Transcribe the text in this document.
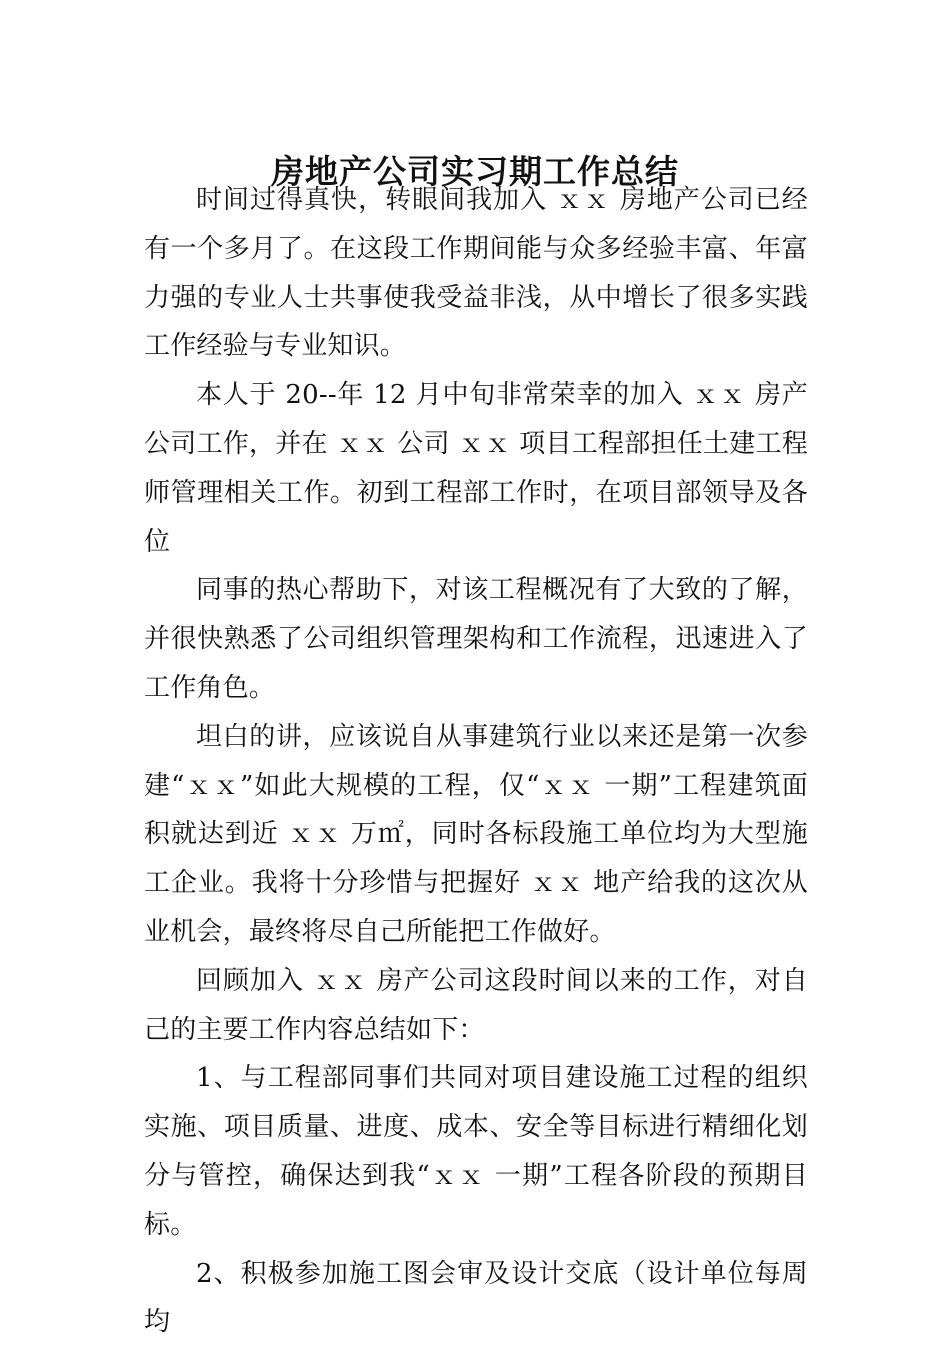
房地产公司实习期工作总结

时间过得真快，转眼间我加入 ｘｘ 房地产公司已经有一个多月了。在这段工作期间能与众多经验丰富、年富力强的专业人士共事使我受益非浅，从中增长了很多实践工作经验与专业知识。

本人于 20--年 12 月中旬非常荣幸的加入 ｘｘ 房产公司工作，并在 ｘｘ 公司 ｘｘ 项目工程部担任土建工程师管理相关工作。初到工程部工作时，在项目部领导及各位

同事的热心帮助下，对该工程概况有了大致的了解，并很快熟悉了公司组织管理架构和工作流程，迅速进入了工作角色。

坦白的讲，应该说自从事建筑行业以来还是第一次参建“ｘｘ”如此大规模的工程，仅“ｘｘ 一期”工程建筑面积就达到近 ｘｘ 万㎡，同时各标段施工单位均为大型施工企业。我将十分珍惜与把握好 ｘｘ 地产给我的这次从业机会，最终将尽自己所能把工作做好。

回顾加入 ｘｘ 房产公司这段时间以来的工作，对自己的主要工作内容总结如下：

1、与工程部同事们共同对项目建设施工过程的组织实施、项目质量、进度、成本、安全等目标进行精细化划分与管控，确保达到我“ｘｘ 一期”工程各阶段的预期目标。

2、积极参加施工图会审及设计交底（设计单位每周均
